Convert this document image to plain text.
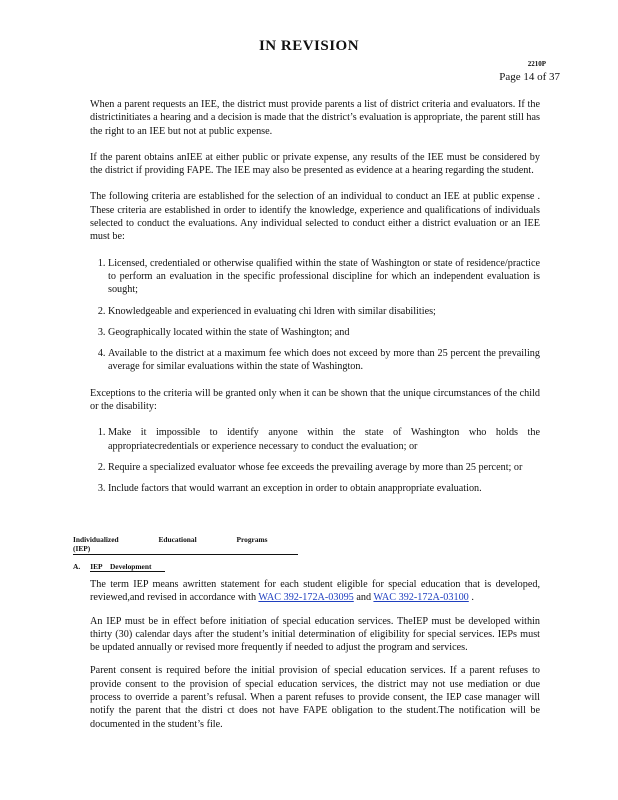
IN REVISION
2210P
Page 14 of 37

When a parent requests an IEE, the district must provide parents a list of district criteria and evaluators. If the districtinitiates a hearing and a decision is made that the district’s evaluation is appropriate, the parent still has the right to an IEE but not at public expense.

If the parent obtains anIEE at either public or private expense, any results of the IEE must be considered by the district if providing FAPE. The IEE may also be presented as evidence at a hearing regarding the student.

The following criteria are established for the selection of an individual to conduct an IEE at public expense . These criteria are established in order to identify the knowledge, experience and qualifications of individuals selected to conduct the evaluations. Any individual selected to conduct either a district evaluation or an IEE must be:

1. Licensed, credentialed or otherwise qualified within the state of Washington or state of residence/practice to perform an evaluation in the specific professional discipline for which an independent evaluation is sought;
2. Knowledgeable and experienced in evaluating chi ldren with similar disabilities;
3. Geographically located within the state of Washington; and
4. Available to the district at a maximum fee which does not exceed by more than 25 percent the prevailing average for similar evaluations within the state of Washington.

Exceptions to the criteria will be granted only when it can be shown that the unique circumstances of the child or the disability:

1. Make it impossible to identify anyone within the state of Washington who holds the appropriatecredentials or experience necessary to conduct the evaluation; or
2. Require a specialized evaluator whose fee exceeds the prevailing average by more than 25 percent; or
3. Include factors that would warrant an exception in order to obtain anappropriate evaluation.
Individualized Educational Programs (IEP)
A. IEP Development

The term IEP means awritten statement for each student eligible for special education that is developed, reviewed,and revised in accordance with WAC 392-172A-03095 and WAC 392-172A-03100 .

An IEP must be in effect before initiation of special education services. TheIEP must be developed within thirty (30) calendar days after the student’s initial determination of eligibility for special services. IEPs must be updated annually or revised more frequently if needed to adjust the program and services.

Parent consent is required before the initial provision of special education services. If a parent refuses to provide consent to the provision of special education services, the district may not use mediation or due process to override a parent’s refusal. When a parent refuses to provide consent, the IEP case manager will notify the parent that the distri ct does not have FAPE obligation to the student.The notification will be documented in the student’s file.
